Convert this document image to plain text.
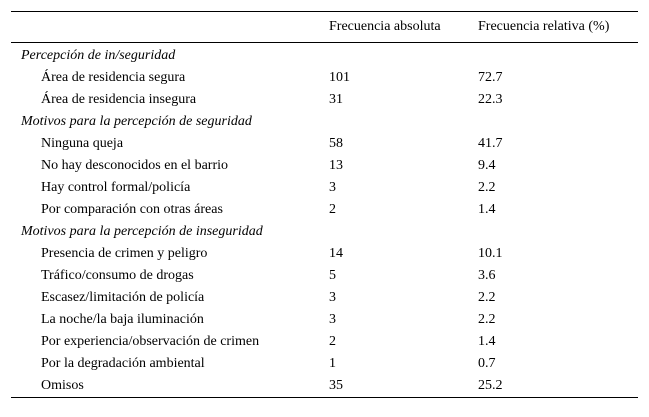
	Frecuencia absoluta	Frecuencia relativa (%)
Percepción de in/seguridad		
Área de residencia segura	101	72.7
Área de residencia insegura	31	22.3
Motivos para la percepción de seguridad		
Ninguna queja	58	41.7
No hay desconocidos en el barrio	13	9.4
Hay control formal/policía	3	2.2
Por comparación con otras áreas	2	1.4
Motivos para la percepción de inseguridad		
Presencia de crimen y peligro	14	10.1
Tráfico/consumo de drogas	5	3.6
Escasez/limitación de policía	3	2.2
La noche/la baja iluminación	3	2.2
Por experiencia/observación de crimen	2	1.4
Por la degradación ambiental	1	0.7
Omisos	35	25.2
